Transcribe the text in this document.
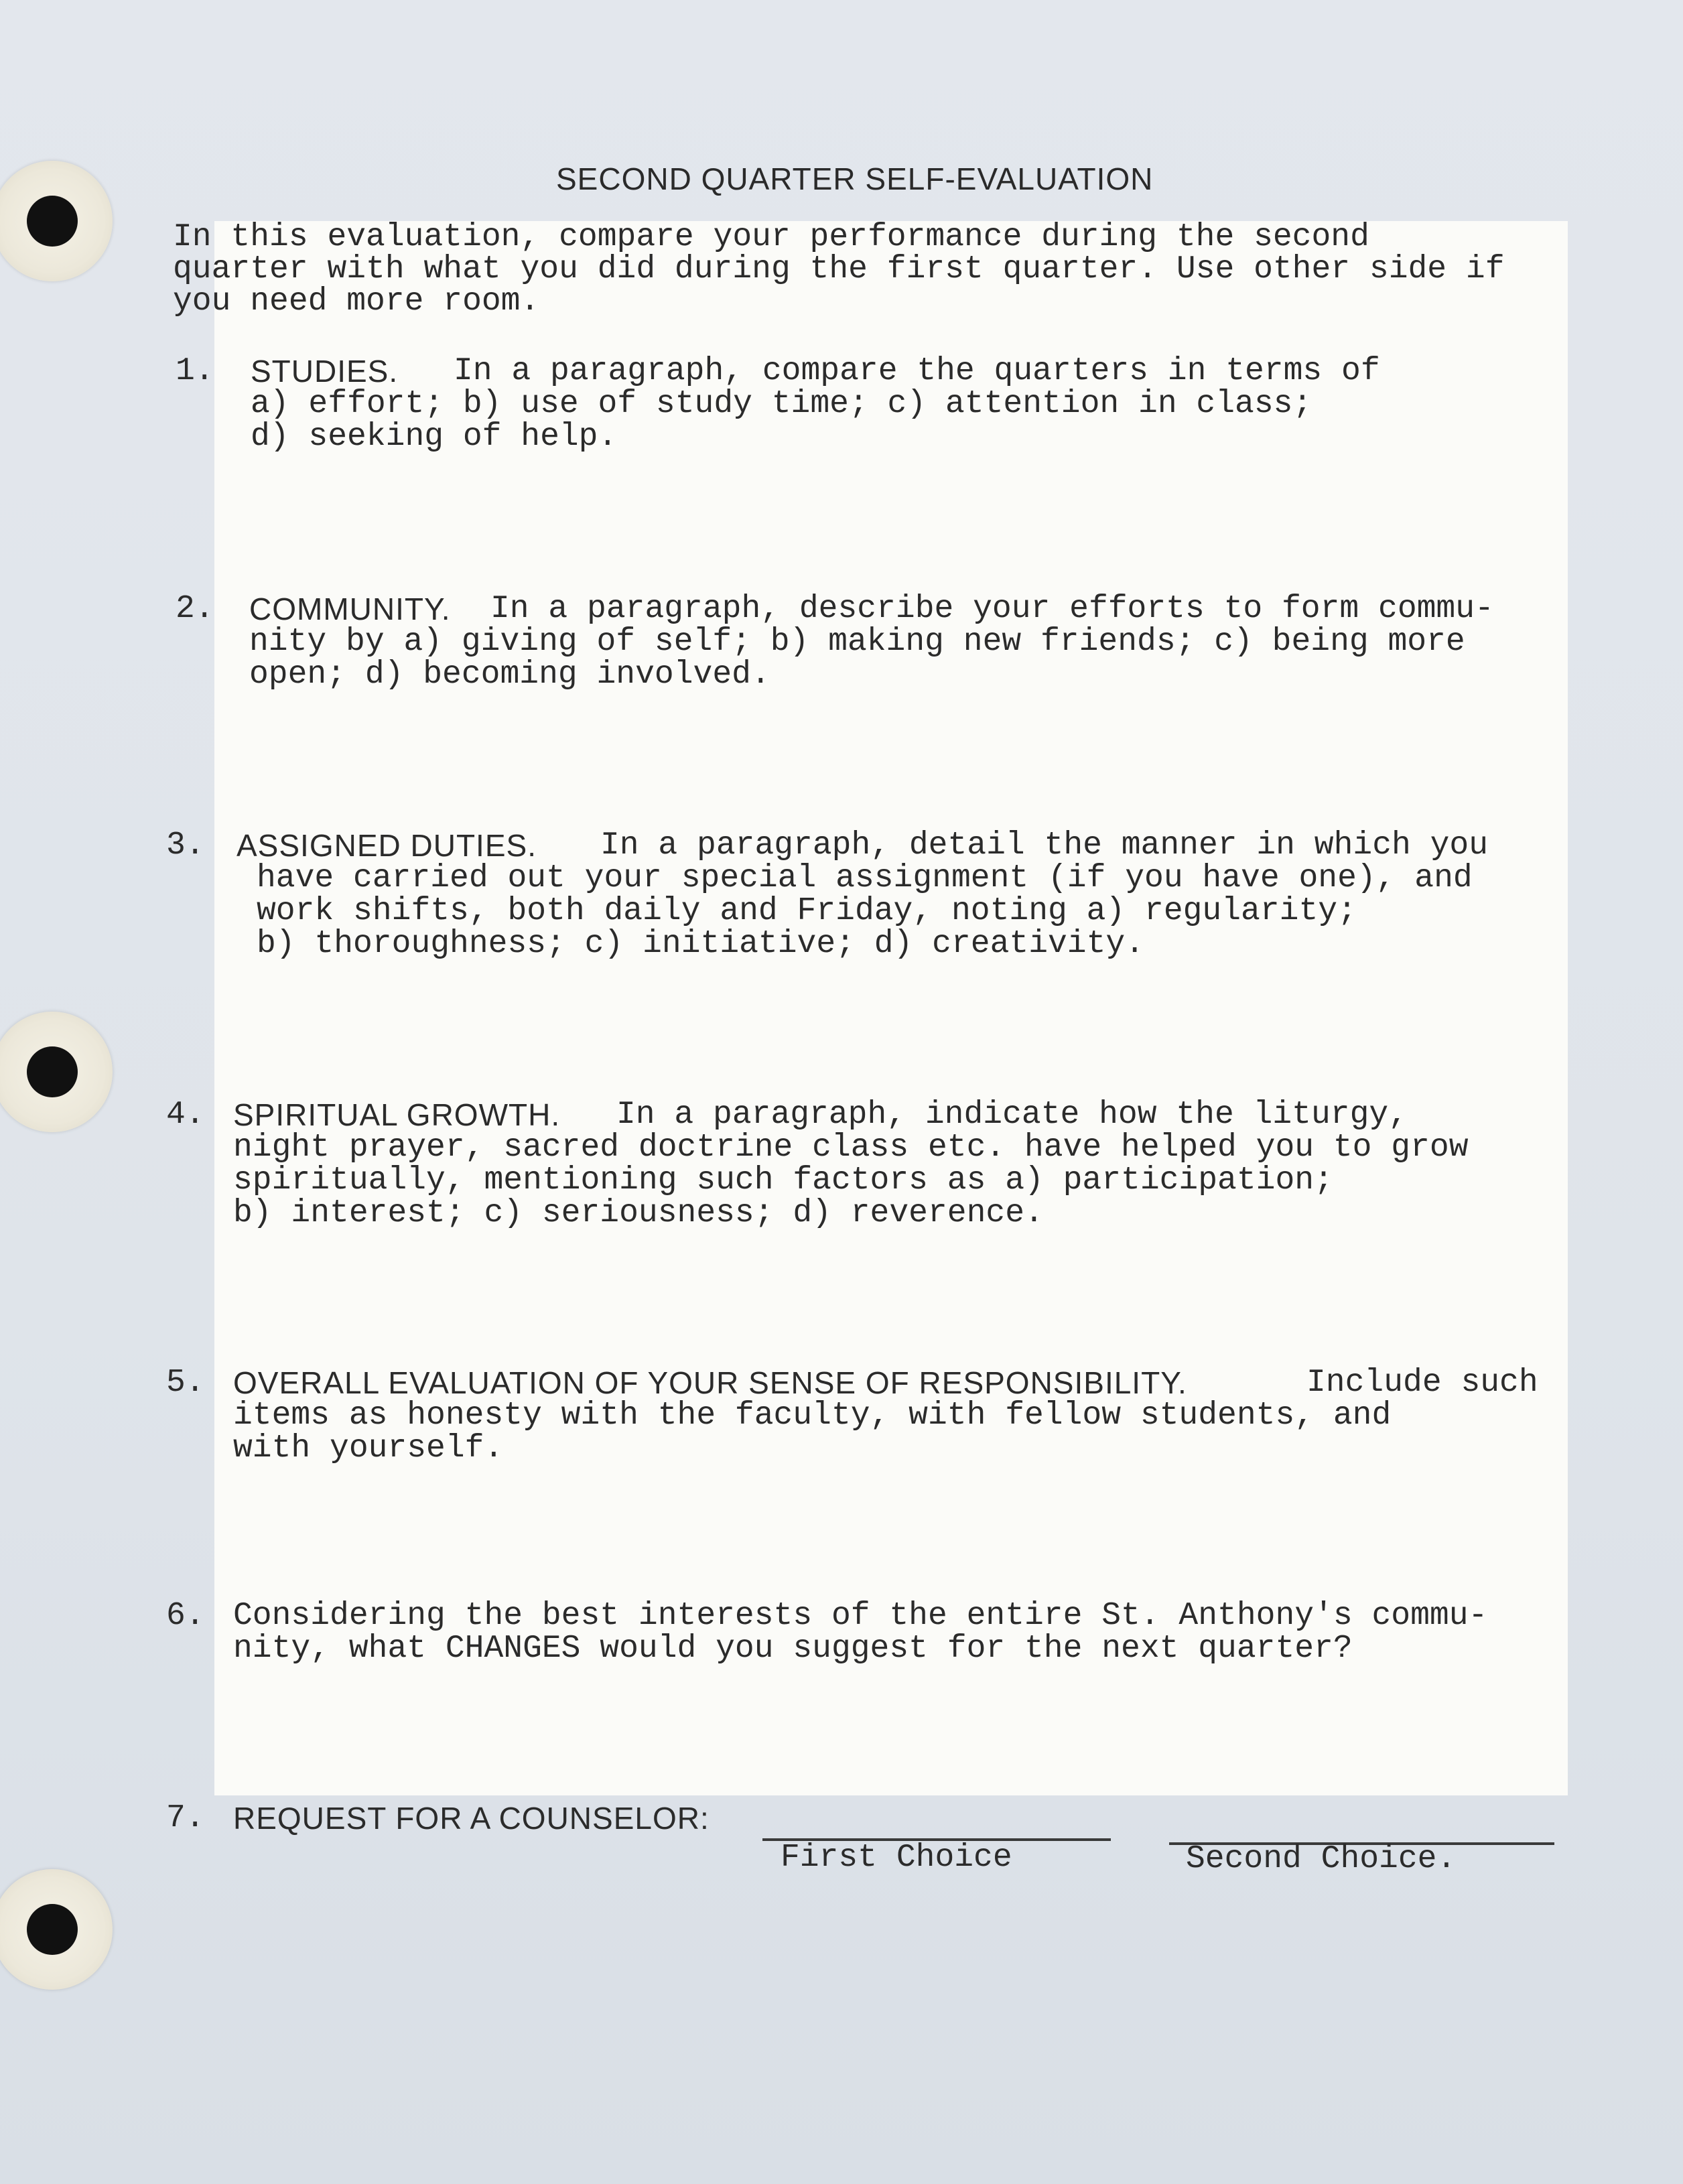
SECOND QUARTER SELF-EVALUATION
In this evaluation, compare your performance during the second
quarter with what you did during the first quarter. Use other side if
you need more room.
1. STUDIES. In a paragraph, compare the quarters in terms of
a) effort; b) use of study time; c) attention in class;
d) seeking of help.
2. COMMUNITY. In a paragraph, describe your efforts to form commu-
nity by a) giving of self; b) making new friends; c) being more
open; d) becoming involved.
3. ASSIGNED DUTIES. In a paragraph, detail the manner in which you
have carried out your special assignment (if you have one), and
work shifts, both daily and Friday, noting a) regularity;
b) thoroughness; c) initiative; d) creativity.
4. SPIRITUAL GROWTH. In a paragraph, indicate how the liturgy,
night prayer, sacred doctrine class etc. have helped you to grow
spiritually, mentioning such factors as a) participation;
b) interest; c) seriousness; d) reverence.
5. OVERALL EVALUATION OF YOUR SENSE OF RESPONSIBILITY.	Include such
items as honesty with the faculty, with fellow students, and
with yourself.
6. Considering the best interests of the entire St. Anthony's commu-
nity, what CHANGES would you suggest for the next quarter?
7. REQUEST FOR A COUNSELOR:
First Choice	Second Choice.
